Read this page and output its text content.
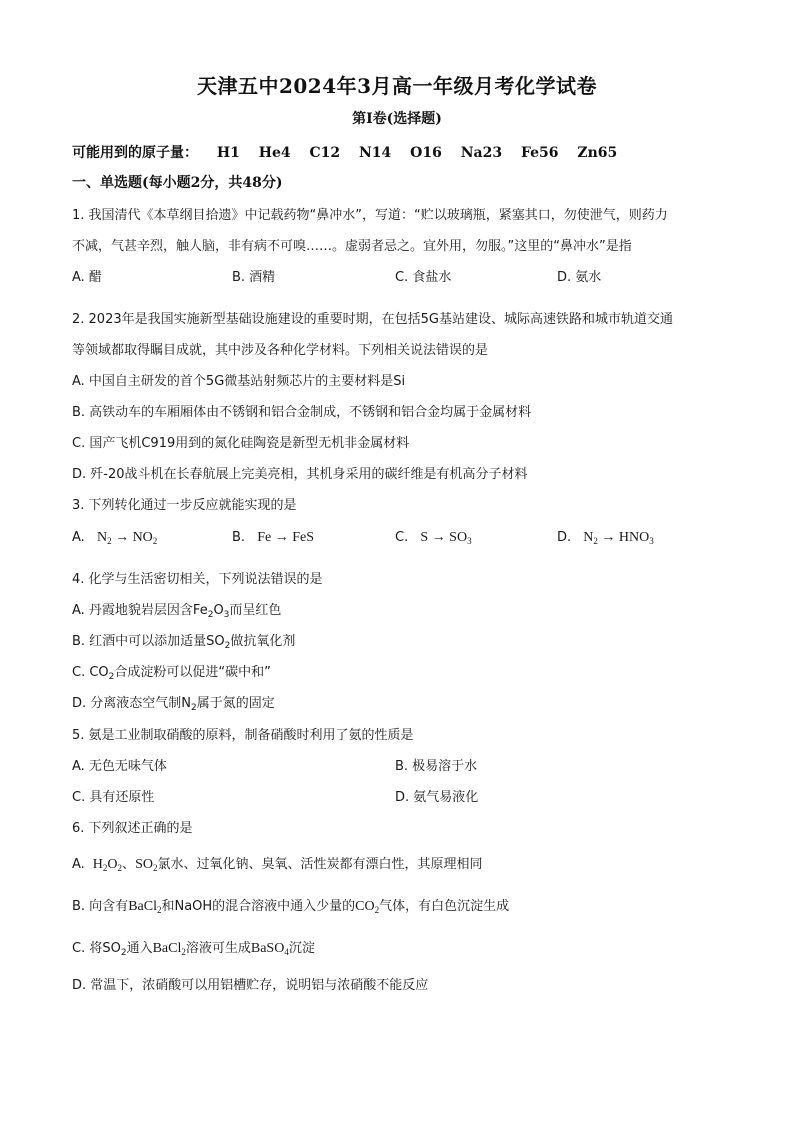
天津五中2024年3月高一年级月考化学试卷
第Ⅰ卷(选择题)
可能用到的原子量： H1 He4 C12 N14 O16 Na23 Fe56 Zn65
一、单选题(每小题2分，共48分)
1. 我国清代《本草纲目拾遗》中记载药物“鼻冲水”，写道：“贮以玻璃瓶，紧塞其口，勿使泄气，则药力
不减，气甚辛烈，触人脑，非有病不可嗅……。虚弱者忌之。宜外用，勿服。”这里的“鼻冲水”是指
A. 醋	B. 酒精	C. 食盐水	D. 氨水
2. 2023年是我国实施新型基础设施建设的重要时期，在包括5G基站建设、城际高速铁路和城市轨道交通
等领域都取得瞩目成就，其中涉及各种化学材料。下列相关说法错误的是
A. 中国自主研发的首个5G微基站射频芯片的主要材料是Si
B. 高铁动车的车厢厢体由不锈钢和铝合金制成，不锈钢和铝合金均属于金属材料
C. 国产飞机C919用到的氮化硅陶瓷是新型无机非金属材料
D. 歼-20战斗机在长春航展上完美亮相，其机身采用的碳纤维是有机高分子材料
3. 下列转化通过一步反应就能实现的是
A. $N_2 \to NO_2$	B. Fe → FeS	C. $S \to SO_3$	D. $N_2 \to HNO_3$
4. 化学与生活密切相关，下列说法错误的是
A. 丹霞地貌岩层因含$Fe_2O_3$而呈红色
B. 红酒中可以添加适量$SO_2$做抗氧化剂
C. $CO_2$合成淀粉可以促进“碳中和”
D. 分离液态空气制$N_2$属于氮的固定
5. 氨是工业制取硝酸的原料，制备硝酸时利用了氨的性质是
A. 无色无味气体	B. 极易溶于水
C. 具有还原性	D. 氨气易液化
6. 下列叙述正确的是
A. $H_2O_2$、$SO_2$氯水、过氧化钠、臭氧、活性炭都有漂白性，其原理相同
B. 向含有BaCl$_2$和NaOH的混合溶液中通入少量的$CO_2$气体，有白色沉淀生成
C. 将$SO_2$通入BaCl$_2$溶液可生成BaSO$_4$沉淀
D. 常温下，浓硝酸可以用铝槽贮存，说明铝与浓硝酸不能反应
